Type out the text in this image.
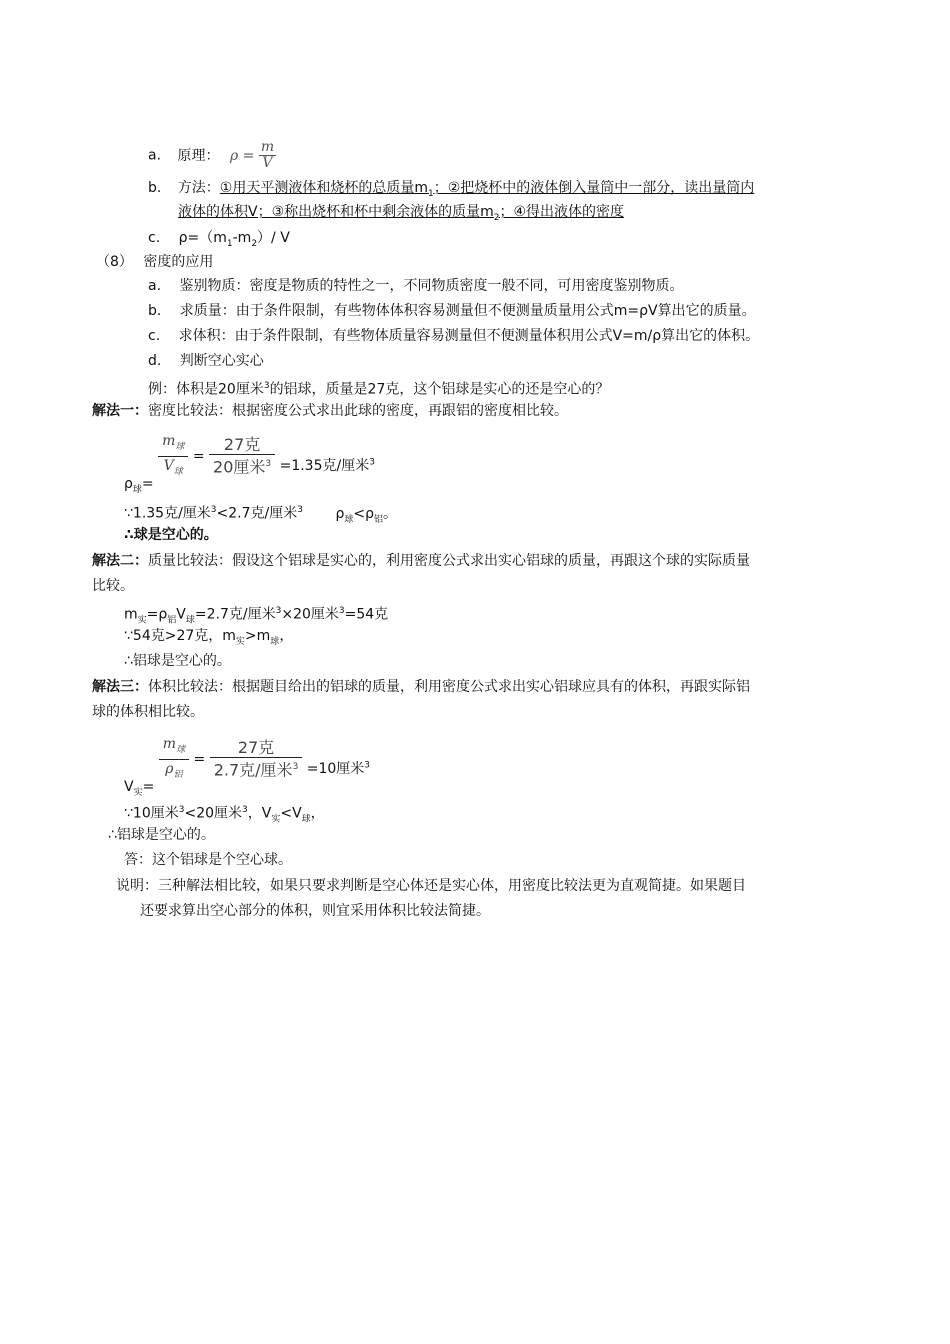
a. 原理： $\rho = \frac{m}{V}$
b. 方法：①用天平测液体和烧杯的总质量$m_1$；②把烧杯中的液体倒入量筒中一部分，读出量筒内
液体的体积V；③称出烧杯和杯中剩余液体的质量$m_2$；④得出液体的密度
c. $\rho=(m_1-m_2)/$ V
（8） 密度的应用
a. 鉴别物质：密度是物质的特性之一，不同物质密度一般不同，可用密度鉴别物质。
b. 求质量：由于条件限制，有些物体体积容易测量但不便测量质量用公式m=ρV算出它的质量。
c. 求体积：由于条件限制，有些物体质量容易测量但不便测量体积用公式V=m/ρ算出它的体积。
d. 判断空心实心
例：体积是20厘米$^3$的铝球，质量是27克，这个铝球是实心的还是空心的？
解法一：密度比较法：根据密度公式求出此球的密度，再跟铝的密度相比较。
$\rho_球=$
$\frac{m_球}{V_球} = \frac{\text{27克}}{20厘米^3} =1.35$克/厘米$^3$
∵1.35克/厘米$^3$<2.7克/厘米$^3$ $\rho_球<\rho_铝$。
∴球是空心的。
解法二：质量比较法：假设这个铝球是实心的，利用密度公式求出实心铝球的质量，再跟这个球的实际质量
比较。
$m_实=\rho_铝V_球=2.7$克/厘米$^3$×20厘米$^3$=54克
∵54克>27克，$m_实>m_球$，
∴铝球是空心的。
解法三：体积比较法：根据题目给出的铝球的质量，利用密度公式求出实心铝球应具有的体积，再跟实际铝
球的体积相比较。
$V_实=$
$\frac{m_球}{\rho_铝} = \frac{\text{27克}}{2.7克/厘米^3} =10$厘米$^3$
∵10厘米$^3$<20厘米$^3$，$V_实<V_球$，
∴铝球是空心的。
答：这个铝球是个空心球。
说明：三种解法相比较，如果只要求判断是空心体还是实心体，用密度比较法更为直观简捷。如果题目
还要求算出空心部分的体积，则宜采用体积比较法简捷。
